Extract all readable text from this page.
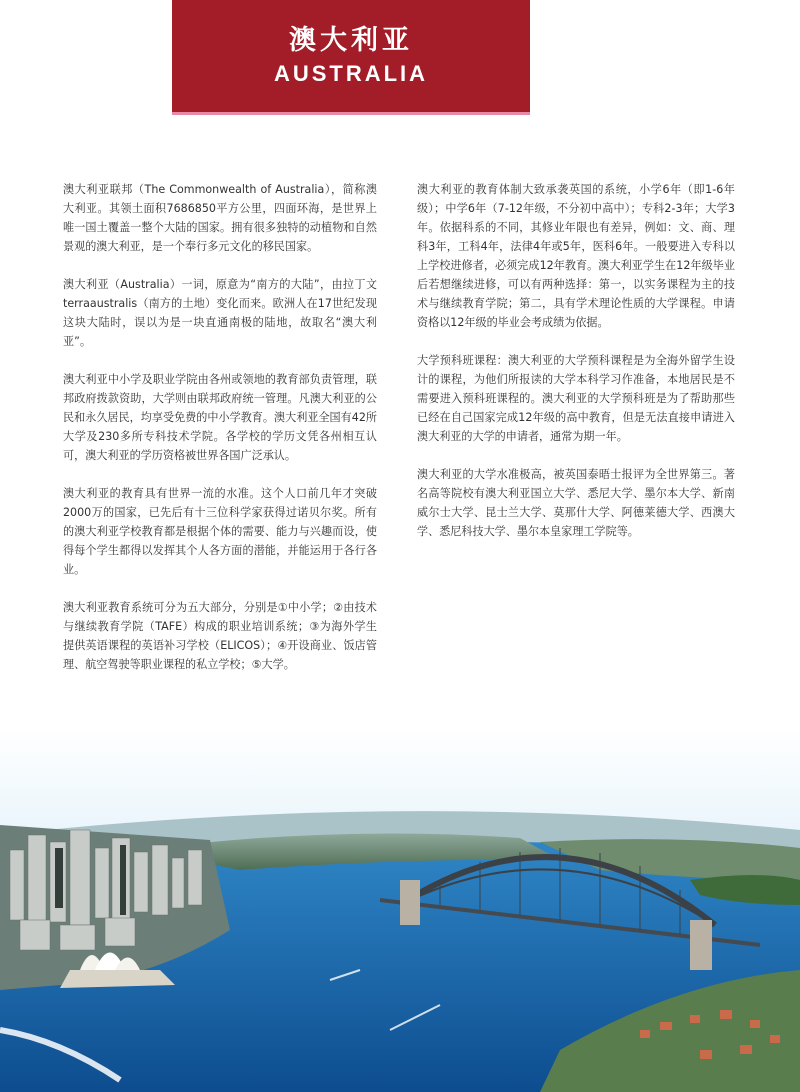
澳大利亚
AUSTRALIA

澳大利亚联邦（The Commonwealth of Australia），简称澳大利亚。其领土面积7686850平方公里，四面环海，是世界上唯一国土覆盖一整个大陆的国家。拥有很多独特的动植物和自然景观的澳大利亚，是一个奉行多元文化的移民国家。

澳大利亚（Australia）一词，原意为“南方的大陆”，由拉丁文terraaustralis（南方的土地）变化而来。欧洲人在17世纪发现这块大陆时，误以为是一块直通南极的陆地，故取名“澳大利亚”。

澳大利亚中小学及职业学院由各州或领地的教育部负责管理，联邦政府拨款资助，大学则由联邦政府统一管理。凡澳大利亚的公民和永久居民，均享受免费的中小学教育。澳大利亚全国有42所大学及230多所专科技术学院。各学校的学历文凭各州相互认可，澳大利亚的学历资格被世界各国广泛承认。

澳大利亚的教育具有世界一流的水准。这个人口前几年才突破2000万的国家，已先后有十三位科学家获得过诺贝尔奖。所有的澳大利亚学校教育都是根据个体的需要、能力与兴趣而设，使得每个学生都得以发挥其个人各方面的潜能，并能运用于各行各业。

澳大利亚教育系统可分为五大部分，分别是①中小学；②由技术与继续教育学院（TAFE）构成的职业培训系统；③为海外学生提供英语课程的英语补习学校（ELICOS）；④开设商业、饭店管理、航空驾驶等职业课程的私立学校；⑤大学。

澳大利亚的教育体制大致承袭英国的系统，小学6年（即1-6年级）；中学6年（7-12年级，不分初中高中）；专科2-3年；大学3年。依据科系的不同，其修业年限也有差异，例如：文、商、理科3年，工科4年，法律4年或5年，医科6年。一般要进入专科以上学校进修者，必须完成12年教育。澳大利亚学生在12年级毕业后若想继续进修，可以有两种选择：第一，以实务课程为主的技术与继续教育学院；第二，具有学术理论性质的大学课程。申请资格以12年级的毕业会考成绩为依据。

大学预科班课程：澳大利亚的大学预科课程是为全海外留学生设计的课程，为他们所报读的大学本科学习作准备，本地居民是不需要进入预科班课程的。澳大利亚的大学预科班是为了帮助那些已经在自己国家完成12年级的高中教育，但是无法直接申请进入澳大利亚的大学的申请者，通常为期一年。

澳大利亚的大学水准极高，被英国泰晤士报评为全世界第三。著名高等院校有澳大利亚国立大学、悉尼大学、墨尔本大学、新南威尔士大学、昆士兰大学、莫那什大学、阿德莱德大学、西澳大学、悉尼科技大学、墨尔本皇家理工学院等。
